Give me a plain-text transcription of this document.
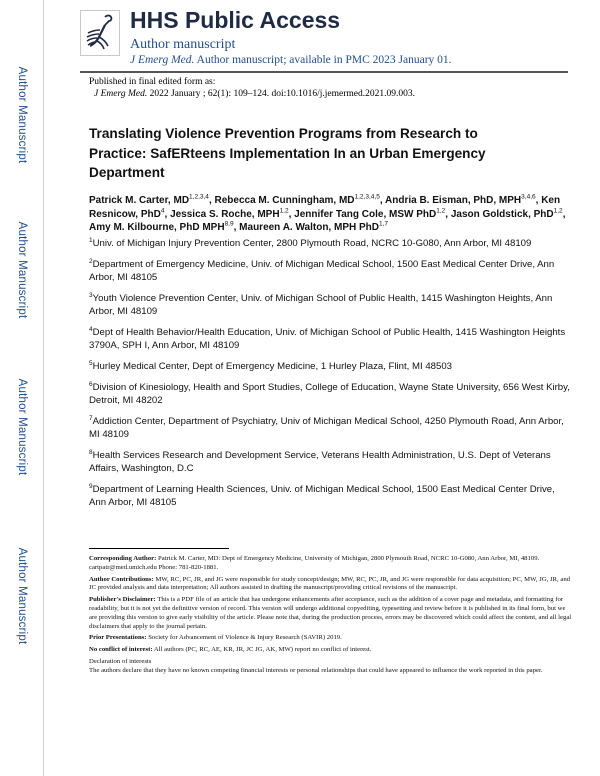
Author Manuscript
Author Manuscript
Author Manuscript
Author Manuscript
HHS Public Access
Author manuscript
J Emerg Med. Author manuscript; available in PMC 2023 January 01.
Published in final edited form as:
J Emerg Med. 2022 January ; 62(1): 109–124. doi:10.1016/j.jemermed.2021.09.003.
Translating Violence Prevention Programs from Research to Practice: SafERteens Implementation In an Urban Emergency Department
Patrick M. Carter, MD$^{1,2,3,4}$, Rebecca M. Cunningham, MD$^{1,2,3,4,5}$, Andria B. Eisman, PhD, MPH$^{3,4,6}$, Ken Resnicow, PhD$^4$, Jessica S. Roche, MPH$^{1,2}$, Jennifer Tang Cole, MSW PhD$^{1,2}$, Jason Goldstick, PhD$^{1,2}$, Amy M. Kilbourne, PhD MPH$^{8,9}$, Maureen A. Walton, MPH PhD$^{1,7}$
$^1$Univ. of Michigan Injury Prevention Center, 2800 Plymouth Road, NCRC 10-G080, Ann Arbor, MI 48109
$^2$Department of Emergency Medicine, Univ. of Michigan Medical School, 1500 East Medical Center Drive, Ann Arbor, MI 48105
$^3$Youth Violence Prevention Center, Univ. of Michigan School of Public Health, 1415 Washington Heights, Ann Arbor, MI 48109
$^4$Dept of Health Behavior/Health Education, Univ. of Michigan School of Public Health, 1415 Washington Heights 3790A, SPH I, Ann Arbor, MI 48109
$^5$Hurley Medical Center, Dept of Emergency Medicine, 1 Hurley Plaza, Flint, MI 48503
$^6$Division of Kinesiology, Health and Sport Studies, College of Education, Wayne State University, 656 West Kirby, Detroit, MI 48202
$^7$Addiction Center, Department of Psychiatry, Univ of Michigan Medical School, 4250 Plymouth Road, Ann Arbor, MI 48109
$^8$Health Services Research and Development Service, Veterans Health Administration, U.S. Dept of Veterans Affairs, Washington, D.C
$^9$Department of Learning Health Sciences, Univ. of Michigan Medical School, 1500 East Medical Center Drive, Ann Arbor, MI 48105
Corresponding Author: Patrick M. Carter, MD: Dept of Emergency Medicine, University of Michigan, 2800 Plymouth Road, NCRC 10-G080, Ann Arbor, MI, 48109. cartpatr@med.umich.edu Phone: 781-820-1881.
Author Contributions: MW, RC, PC, JR, and JG were responsible for study concept/design; MW, RC, PC, JR, and JG were responsible for data acquisition; PC, MW, JG, JR, and JC provided analysis and data interpretation; All authors assisted in drafting the manuscript/providing critical revisions of the manuscript.
Publisher's Disclaimer: This is a PDF file of an article that has undergone enhancements after acceptance, such as the addition of a cover page and metadata, and formatting for readability, but it is not yet the definitive version of record. This version will undergo additional copyediting, typesetting and review before it is published in its final form, but we are providing this version to give early visibility of the article. Please note that, during the production process, errors may be discovered which could affect the content, and all legal disclaimers that apply to the journal pertain.
Prior Presentations: Society for Advancement of Violence & Injury Research (SAVIR) 2019.
No conflict of interest: All authors (PC, RC, AE, KR, JR, JC JG, AK, MW) report no conflict of interest.
Declaration of interests
The authors declare that they have no known competing financial interests or personal relationships that could have appeared to influence the work reported in this paper.
